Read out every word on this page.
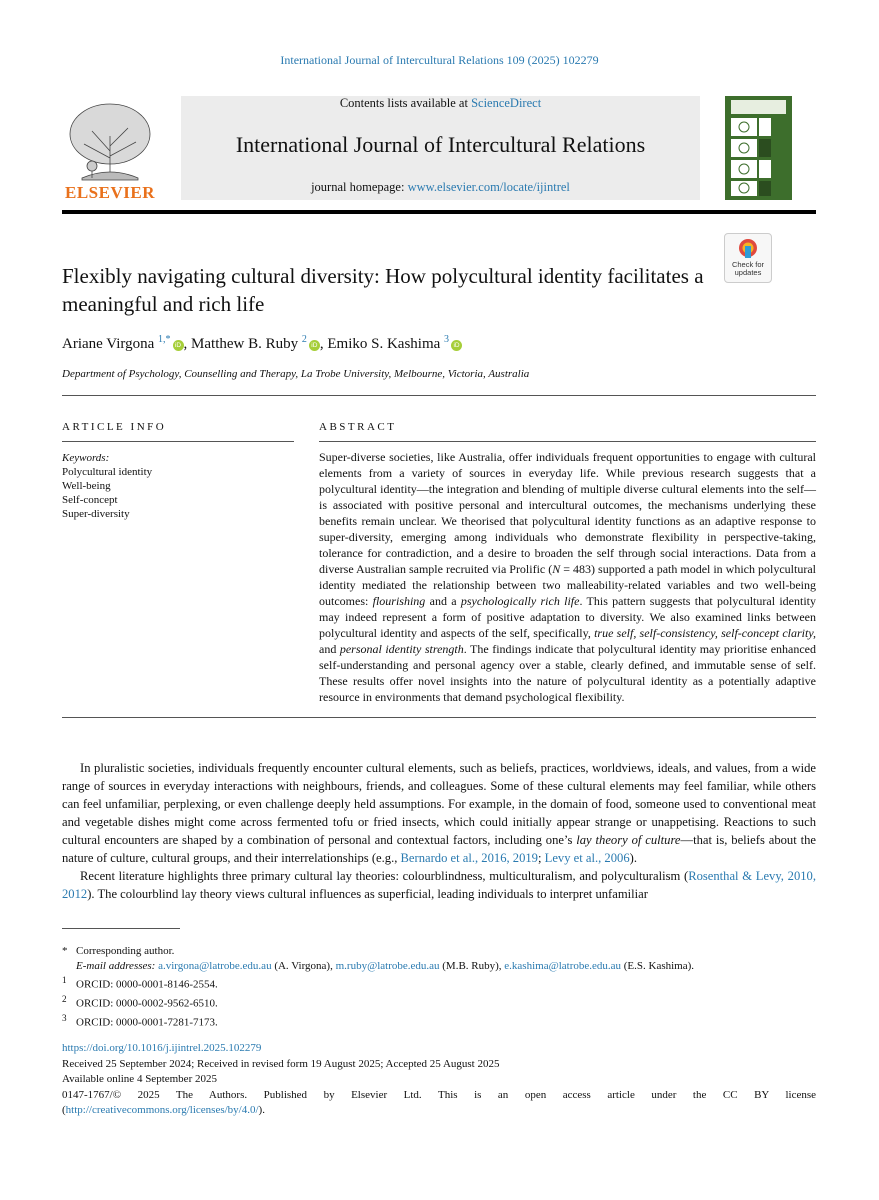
International Journal of Intercultural Relations 109 (2025) 102279
ELSEVIER
Contents lists available at ScienceDirect
International Journal of Intercultural Relations
journal homepage: www.elsevier.com/locate/ijintrel
Check for updates
Flexibly navigating cultural diversity: How polycultural identity facilitates a meaningful and rich life
Ariane Virgona $^{1,*}$iD , Matthew B. Ruby $^2$iD , Emiko S. Kashima $^3$iD
Department of Psychology, Counselling and Therapy, La Trobe University, Melbourne, Victoria, Australia
ARTICLE INFO	ABSTRACT
Keywords:
Polycultural identity
Well-being
Self-concept
Super-diversity
Super-diverse societies, like Australia, offer individuals frequent opportunities to engage with cultural elements from a variety of sources in everyday life. While previous research suggests that a polycultural identity—the integration and blending of multiple diverse cultural elements into the self—is associated with positive personal and intercultural outcomes, the mechanisms underlying these benefits remain unclear. We theorised that polycultural identity functions as an adaptive response to super-diversity, emerging among individuals who demonstrate flexibility in perspective-taking, tolerance for contradiction, and a desire to broaden the self through social interactions. Data from a diverse Australian sample recruited via Prolific (N = 483) supported a path model in which polycultural identity mediated the relationship between two malleability-related variables and two well-being outcomes: flourishing and a psychologically rich life. This pattern suggests that polycultural identity may indeed represent a form of positive adaptation to diversity. We also examined links between polycultural identity and aspects of the self, specifically, true self, self-consistency, self-concept clarity, and personal identity strength. The findings indicate that polycultural identity may prioritise enhanced self-understanding and personal agency over a stable, clearly defined, and immutable sense of self. These results offer novel insights into the nature of polycultural identity as a potentially adaptive resource in environments that demand psychological flexibility.

In pluralistic societies, individuals frequently encounter cultural elements, such as beliefs, practices, worldviews, ideals, and values, from a wide range of sources in everyday interactions with neighbours, friends, and colleagues. Some of these cultural elements may feel familiar, while others can feel unfamiliar, perplexing, or even challenge deeply held assumptions. For example, in the domain of food, someone used to conventional meat and vegetable dishes might come across fermented tofu or fried insects, which could initially appear strange or unappetising. Reactions to such cultural encounters are shaped by a combination of personal and contextual factors, including one’s lay theory of culture—that is, beliefs about the nature of culture, cultural groups, and their interrelationships (e.g., Bernardo et al., 2016, 2019; Levy et al., 2006).

Recent literature highlights three primary cultural lay theories: colourblindness, multiculturalism, and polyculturalism (Rosenthal & Levy, 2010, 2012). The colourblind lay theory views cultural influences as superficial, leading individuals to interpret unfamiliar

* Corresponding author.
E-mail addresses: a.virgona@latrobe.edu.au (A. Virgona), m.ruby@latrobe.edu.au (M.B. Ruby), e.kashima@latrobe.edu.au (E.S. Kashima).
$^1$ ORCID: 0000-0001-8146-2554.
$^2$ ORCID: 0000-0002-9562-6510.
$^3$ ORCID: 0000-0001-7281-7173.
https://doi.org/10.1016/j.ijintrel.2025.102279
Received 25 September 2024; Received in revised form 19 August 2025; Accepted 25 August 2025
Available online 4 September 2025
0147-1767/© 2025 The Authors. Published by Elsevier Ltd. This is an open access article under the CC BY license
(http://creativecommons.org/licenses/by/4.0/).
